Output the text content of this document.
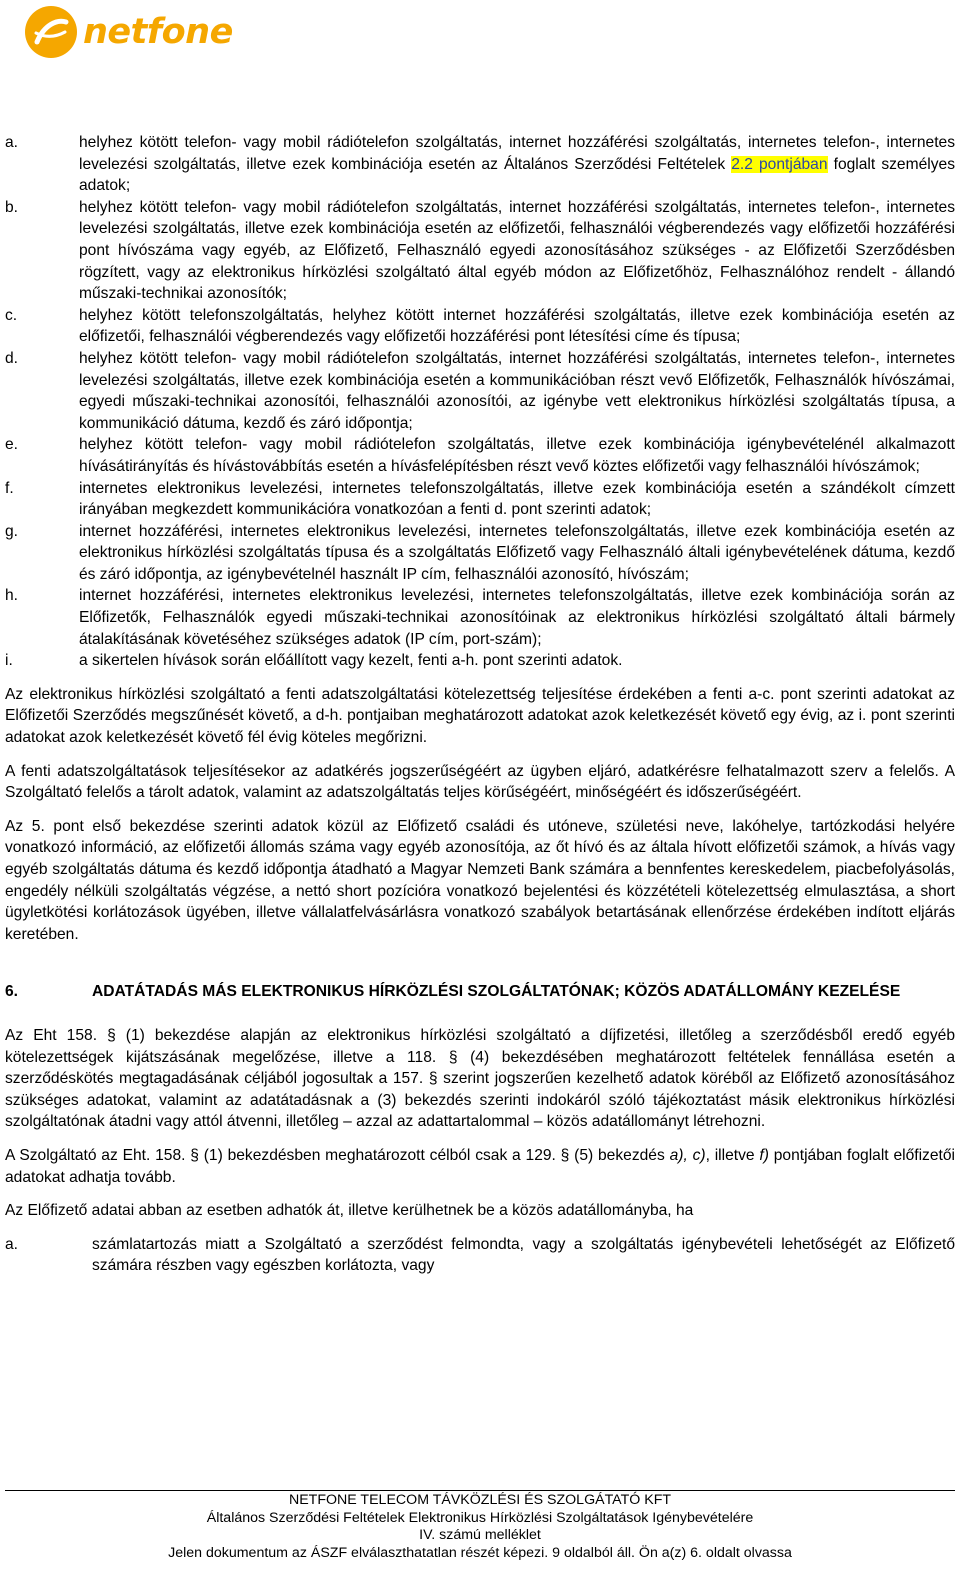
netfone
a.	helyhez kötött telefon- vagy mobil rádiótelefon szolgáltatás, internet hozzáférési szolgáltatás, internetes telefon-, internetes levelezési szolgáltatás, illetve ezek kombinációja esetén az Általános Szerződési Feltételek 2.2 pontjában foglalt személyes adatok;
b.	helyhez kötött telefon- vagy mobil rádiótelefon szolgáltatás, internet hozzáférési szolgáltatás, internetes telefon-, internetes levelezési szolgáltatás, illetve ezek kombinációja esetén az előfizetői, felhasználói végberendezés vagy előfizetői hozzáférési pont hívószáma vagy egyéb, az Előfizető, Felhasználó egyedi azonosításához szükséges - az Előfizetői Szerződésben rögzített, vagy az elektronikus hírközlési szolgáltató által egyéb módon az Előfizetőhöz, Felhasználóhoz rendelt - állandó műszaki-technikai azonosítók;
c.	helyhez kötött telefonszolgáltatás, helyhez kötött internet hozzáférési szolgáltatás, illetve ezek kombinációja esetén az előfizetői, felhasználói végberendezés vagy előfizetői hozzáférési pont létesítési címe és típusa;
d.	helyhez kötött telefon- vagy mobil rádiótelefon szolgáltatás, internet hozzáférési szolgáltatás, internetes telefon-, internetes levelezési szolgáltatás, illetve ezek kombinációja esetén a kommunikációban részt vevő Előfizetők, Felhasználók hívószámai, egyedi műszaki-technikai azonosítói, felhasználói azonosítói, az igénybe vett elektronikus hírközlési szolgáltatás típusa, a kommunikáció dátuma, kezdő és záró időpontja;
e.	helyhez kötött telefon- vagy mobil rádiótelefon szolgáltatás, illetve ezek kombinációja igénybevételénél alkalmazott hívásátirányítás és hívástovábbítás esetén a hívásfelépítésben részt vevő köztes előfizetői vagy felhasználói hívószámok;
f.	internetes elektronikus levelezési, internetes telefonszolgáltatás, illetve ezek kombinációja esetén a szándékolt címzett irányában megkezdett kommunikációra vonatkozóan a fenti d. pont szerinti adatok;
g.	internet hozzáférési, internetes elektronikus levelezési, internetes telefonszolgáltatás, illetve ezek kombinációja esetén az elektronikus hírközlési szolgáltatás típusa és a szolgáltatás Előfizető vagy Felhasználó általi igénybevételének dátuma, kezdő és záró időpontja, az igénybevételnél használt IP cím, felhasználói azonosító, hívószám;
h.	internet hozzáférési, internetes elektronikus levelezési, internetes telefonszolgáltatás, illetve ezek kombinációja során az Előfizetők, Felhasználók egyedi műszaki-technikai azonosítóinak az elektronikus hírközlési szolgáltató általi bármely átalakításának követéséhez szükséges adatok (IP cím, port-szám);
i.	a sikertelen hívások során előállított vagy kezelt, fenti a-h. pont szerinti adatok.

Az elektronikus hírközlési szolgáltató a fenti adatszolgáltatási kötelezettség teljesítése érdekében a fenti a-c. pont szerinti adatokat az Előfizetői Szerződés megszűnését követő, a d-h. pontjaiban meghatározott adatokat azok keletkezését követő egy évig, az i. pont szerinti adatokat azok keletkezését követő fél évig köteles megőrizni.

A fenti adatszolgáltatások teljesítésekor az adatkérés jogszerűségéért az ügyben eljáró, adatkérésre felhatalmazott szerv a felelős. A Szolgáltató felelős a tárolt adatok, valamint az adatszolgáltatás teljes körűségéért, minőségéért és időszerűségéért.

Az 5. pont első bekezdése szerinti adatok közül az Előfizető családi és utóneve, születési neve, lakóhelye, tartózkodási helyére vonatkozó információ, az előfizetői állomás száma vagy egyéb azonosítója, az őt hívó és az általa hívott előfizetői számok, a hívás vagy egyéb szolgáltatás dátuma és kezdő időpontja átadható a Magyar Nemzeti Bank számára a bennfentes kereskedelem, piacbefolyásolás, engedély nélküli szolgáltatás végzése, a nettó short pozícióra vonatkozó bejelentési és közzétételi kötelezettség elmulasztása, a short ügyletkötési korlátozások ügyében, illetve vállalatfelvásárlásra vonatkozó szabályok betartásának ellenőrzése érdekében indított eljárás keretében.

6.	ADATÁTADÁS MÁS ELEKTRONIKUS HÍRKÖZLÉSI SZOLGÁLTATÓNAK; KÖZÖS ADATÁLLOMÁNY KEZELÉSE

Az Eht 158. § (1) bekezdése alapján az elektronikus hírközlési szolgáltató a díjfizetési, illetőleg a szerződésből eredő egyéb kötelezettségek kijátszásának megelőzése, illetve a 118. § (4) bekezdésében meghatározott feltételek fennállása esetén a szerződéskötés megtagadásának céljából jogosultak a 157. § szerint jogszerűen kezelhető adatok köréből az Előfizető azonosításához szükséges adatokat, valamint az adatátadásnak a (3) bekezdés szerinti indokáról szóló tájékoztatást másik elektronikus hírközlési szolgáltatónak átadni vagy attól átvenni, illetőleg – azzal az adattartalommal – közös adatállományt létrehozni.

A Szolgáltató az Eht. 158. § (1) bekezdésben meghatározott célból csak a 129. § (5) bekezdés a), c), illetve f) pontjában foglalt előfizetői adatokat adhatja tovább.

Az Előfizető adatai abban az esetben adhatók át, illetve kerülhetnek be a közös adatállományba, ha

a.	számlatartozás miatt a Szolgáltató a szerződést felmondta, vagy a szolgáltatás igénybevételi lehetőségét az Előfizető számára részben vagy egészben korlátozta, vagy
NETFONE TELECOM TÁVKÖZLÉSI ÉS SZOLGÁTATÓ KFT
Általános Szerződési Feltételek Elektronikus Hírközlési Szolgáltatások Igénybevételére
IV. számú melléklet
Jelen dokumentum az ÁSZF elválaszthatatlan részét képezi. 9 oldalból áll. Ön a(z) 6. oldalt olvassa
